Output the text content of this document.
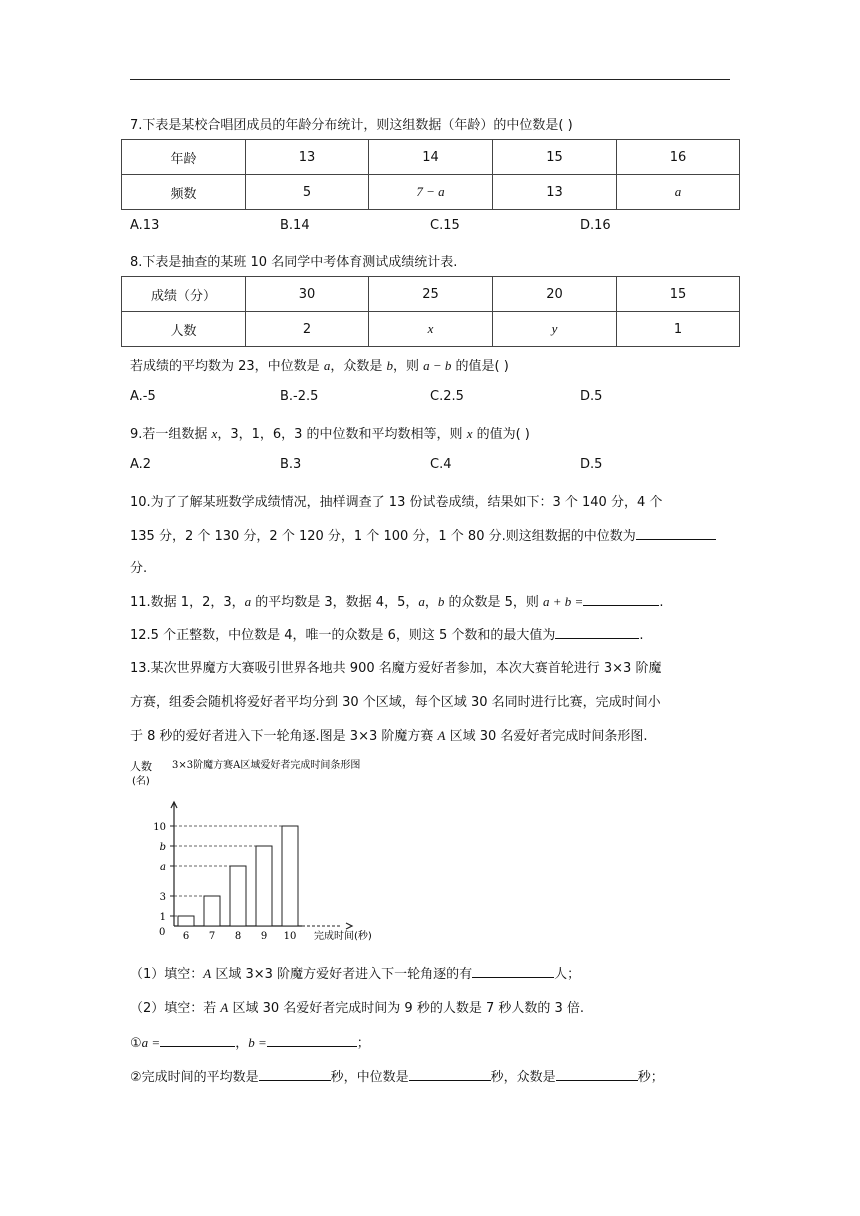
7.下表是某校合唱团成员的年龄分布统计，则这组数据（年龄）的中位数是( )
年龄	13	14	15	16
频数	5	7 − a	13	a
A.13	B.14	C.15	D.16
8.下表是抽查的某班 10 名同学中考体育测试成绩统计表.
成绩（分）	30	25	20	15
人数	2	x	y	1
若成绩的平均数为 23，中位数是 a，众数是 b，则 a − b 的值是( )
A.-5	B.-2.5	C.2.5	D.5
9.若一组数据 x，3，1，6，3 的中位数和平均数相等，则 x 的值为( )
A.2	B.3	C.4	D.5
10.为了了解某班数学成绩情况，抽样调查了 13 份试卷成绩，结果如下：3 个 140 分，4 个
135 分，2 个 130 分，2 个 120 分，1 个 100 分，1 个 80 分.则这组数据的中位数为
分.
11.数据 1，2，3，a 的平均数是 3，数据 4，5，a，b 的众数是 5，则 a + b =	.
12.5 个正整数，中位数是 4，唯一的众数是 6，则这 5 个数和的最大值为	.
13.某次世界魔方大赛吸引世界各地共 900 名魔方爱好者参加，本次大赛首轮进行 3×3 阶魔
方赛，组委会随机将爱好者平均分到 30 个区域，每个区域 30 名同时进行比赛，完成时间小
于 8 秒的爱好者进入下一轮角逐.图是 3×3 阶魔方赛 A 区域 30 名爱好者完成时间条形图.
3×3阶魔方赛A区域爱好者完成时间条形图
人数
(名)
完成时间(秒)
0
1
6
3
7
a
8
b
9
10
10
（1）填空：A 区域 3×3 阶魔方爱好者进入下一轮角逐的有	人；
（2）填空：若 A 区域 30 名爱好者完成时间为 9 秒的人数是 7 秒人数的 3 倍.
①a =	，b =	；
②完成时间的平均数是	秒，中位数是	秒，众数是	秒；
